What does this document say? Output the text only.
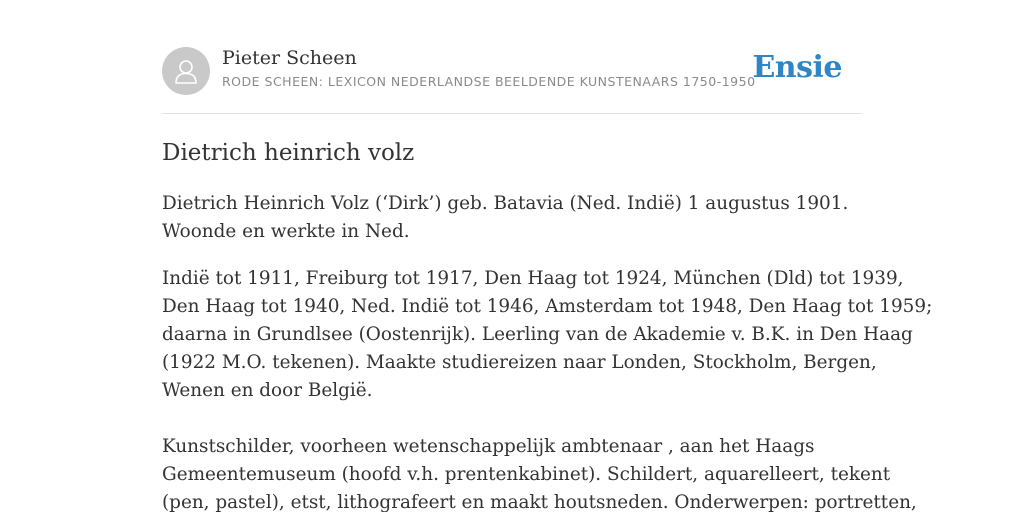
Pieter Scheen
RODE SCHEEN: LEXICON NEDERLANDSE BEELDENDE KUNSTENAARS 1750-1950
Ensie
Dietrich heinrich volz

Dietrich Heinrich Volz (‘Dirk’) geb. Batavia (Ned. Indië) 1 augustus 1901.
Woonde en werkte in Ned.

Indië tot 1911, Freiburg tot 1917, Den Haag tot 1924, München (Dld) tot 1939,
Den Haag tot 1940, Ned. Indië tot 1946, Amsterdam tot 1948, Den Haag tot 1959;
daarna in Grundlsee (Oostenrijk). Leerling van de Akademie v. B.K. in Den Haag
(1922 M.O. tekenen). Maakte studiereizen naar Londen, Stockholm, Bergen,
Wenen en door België.
Kunstschilder, voorheen wetenschappelijk ambtenaar , aan het Haags
Gemeentemuseum (hoofd v.h. prentenkabinet). Schildert, aquarelleert, tekent
(pen, pastel), etst, lithografeert en maakt houtsneden. Onderwerpen: portretten,
